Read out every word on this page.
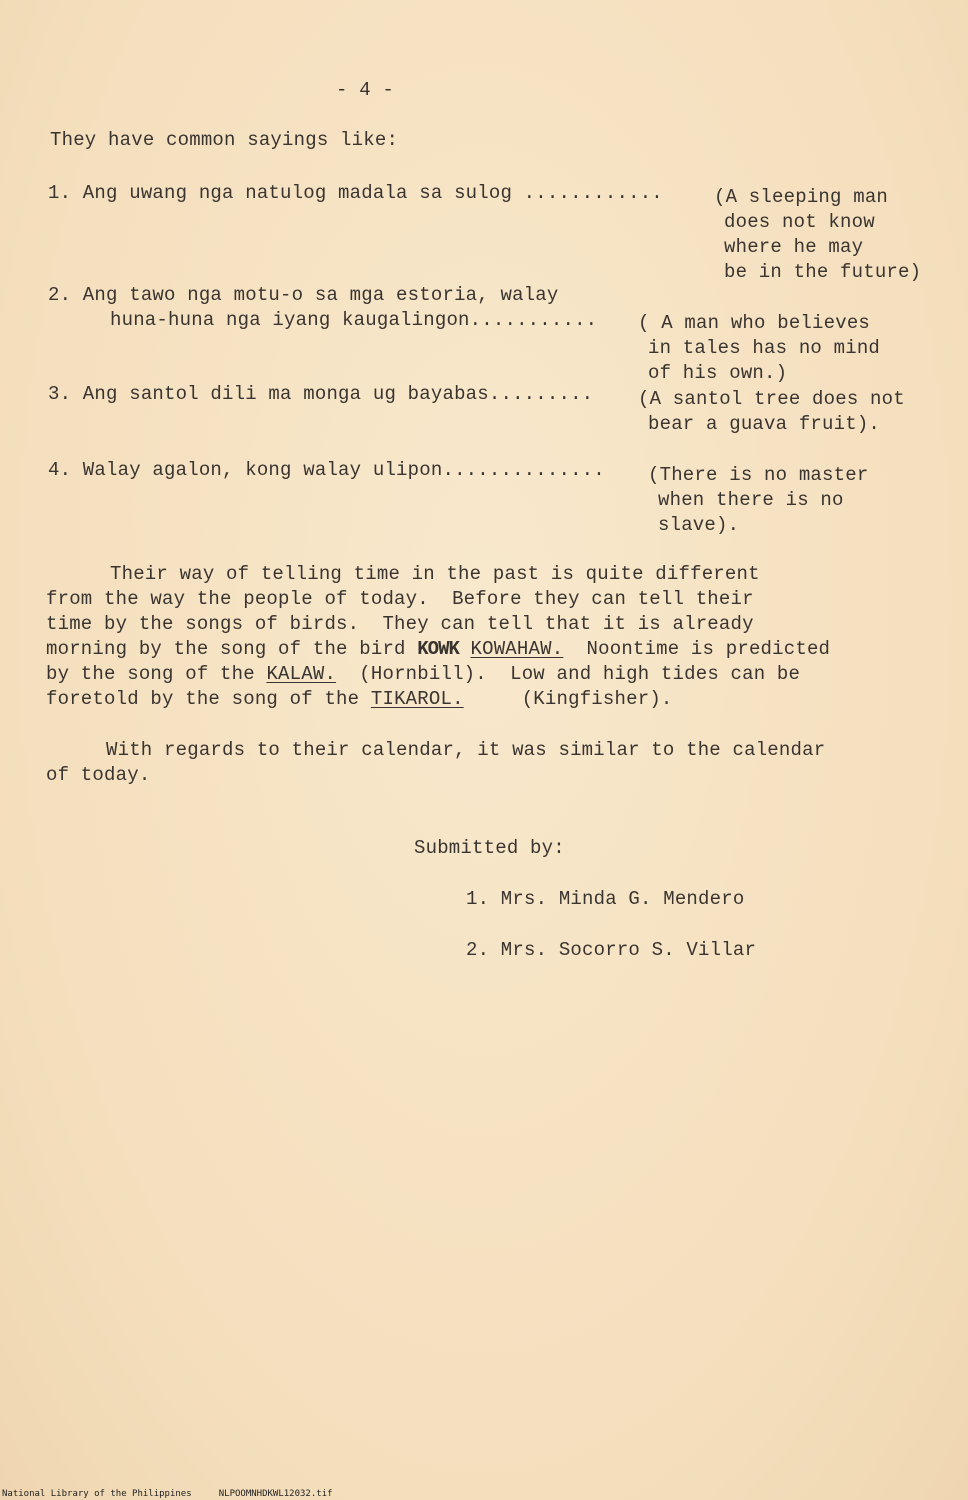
- 4 -
They have common sayings like:
1. Ang uwang nga natulog madala sa sulog ............	(A sleeping man
does not know
where he may
be in the future)
2. Ang tawo nga motu-o sa mga estoria, walay
huna-huna nga iyang kaugalingon........... ( A man who believes
in tales has no mind
of his own.)
3. Ang santol dili ma monga ug bayabas......... (A santol tree does not
bear a guava fruit).
4. Walay agalon, kong walay ulipon.............. (There is no master
when there is no
slave).
Their way of telling time in the past is quite different
from the way the people of today.  Before they can tell their
time by the songs of birds.  They can tell that it is already
morning by the song of the bird KOWK KOWAHAW.  Noontime is predicted
by the song of the KALAW.  (Hornbill).  Low and high tides can be
foretold by the song of the TIKAROL.     (Kingfisher).
With regards to their calendar, it was similar to the calendar
of today.
Submitted by:
1. Mrs. Minda G. Mendero
2. Mrs. Socorro S. Villar
National Library of the Philippines     NLPOOMNHDKWL12032.tif
